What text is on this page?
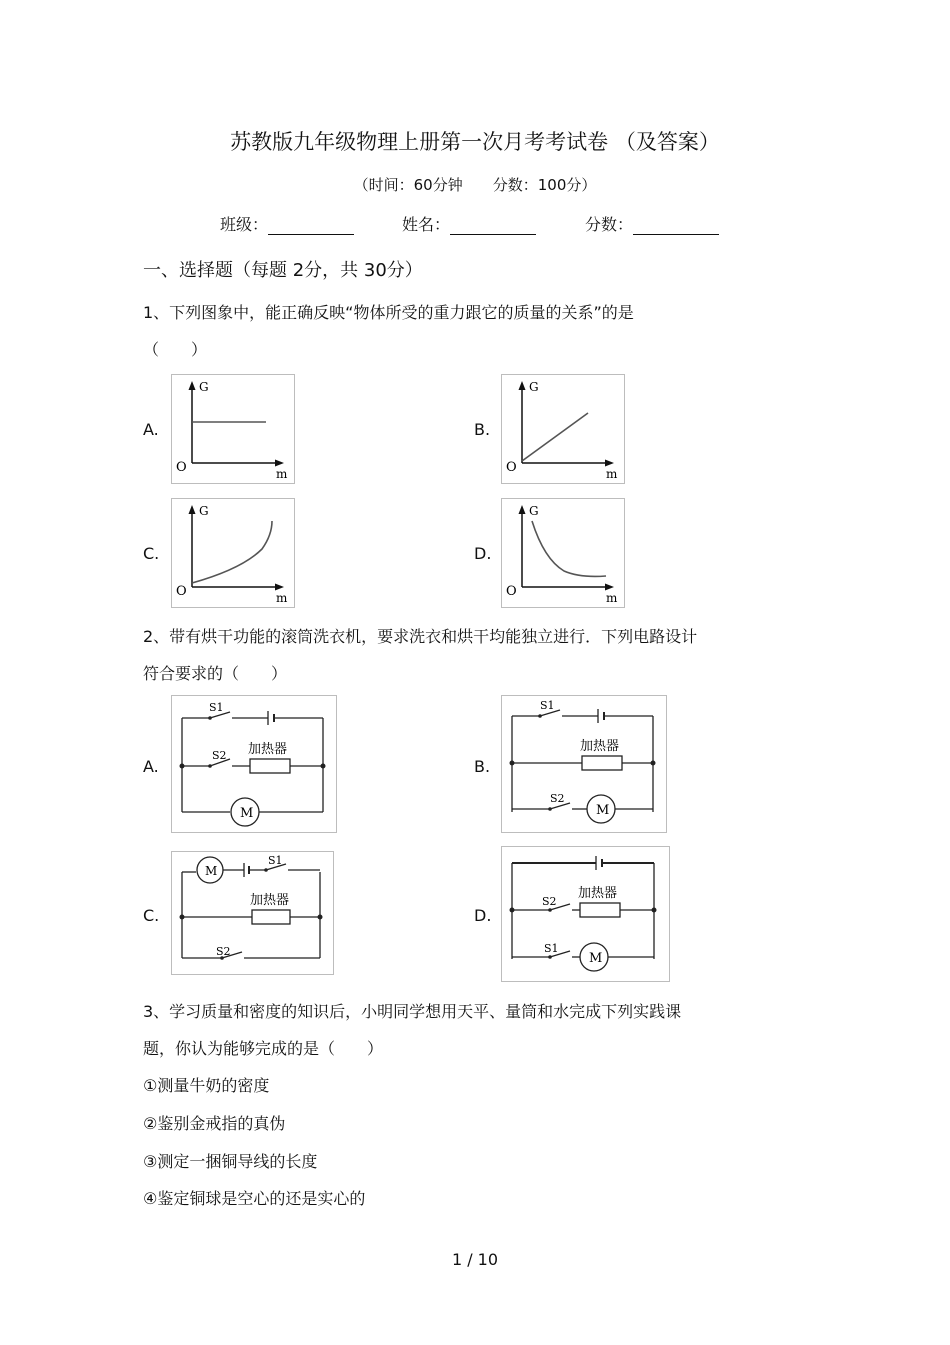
苏教版九年级物理上册第一次月考考试卷 （及答案）
（时间：60分钟　　分数：100分）
班级：	姓名：	分数：
一、选择题（每题 2分，共 30分）
1、下列图象中，能正确反映“物体所受的重力跟它的质量的关系”的是
（　　）
A.	B.
C.	D.
G
m
O
G
m
O
G
m
O
G
m
O
2、带有烘干功能的滚筒洗衣机，要求洗衣和烘干均能独立进行．下列电路设计
符合要求的（　　）
A.	B.
C.	D.
S1
S2 加热器
M
S1
S2
加热器
M
M
S1
加热器
S2
S2
加热器
S1
M
3、学习质量和密度的知识后，小明同学想用天平、量筒和水完成下列实践课
题，你认为能够完成的是（　　）
①测量牛奶的密度
②鉴别金戒指的真伪
③测定一捆铜导线的长度
④鉴定铜球是空心的还是实心的
1 / 10
